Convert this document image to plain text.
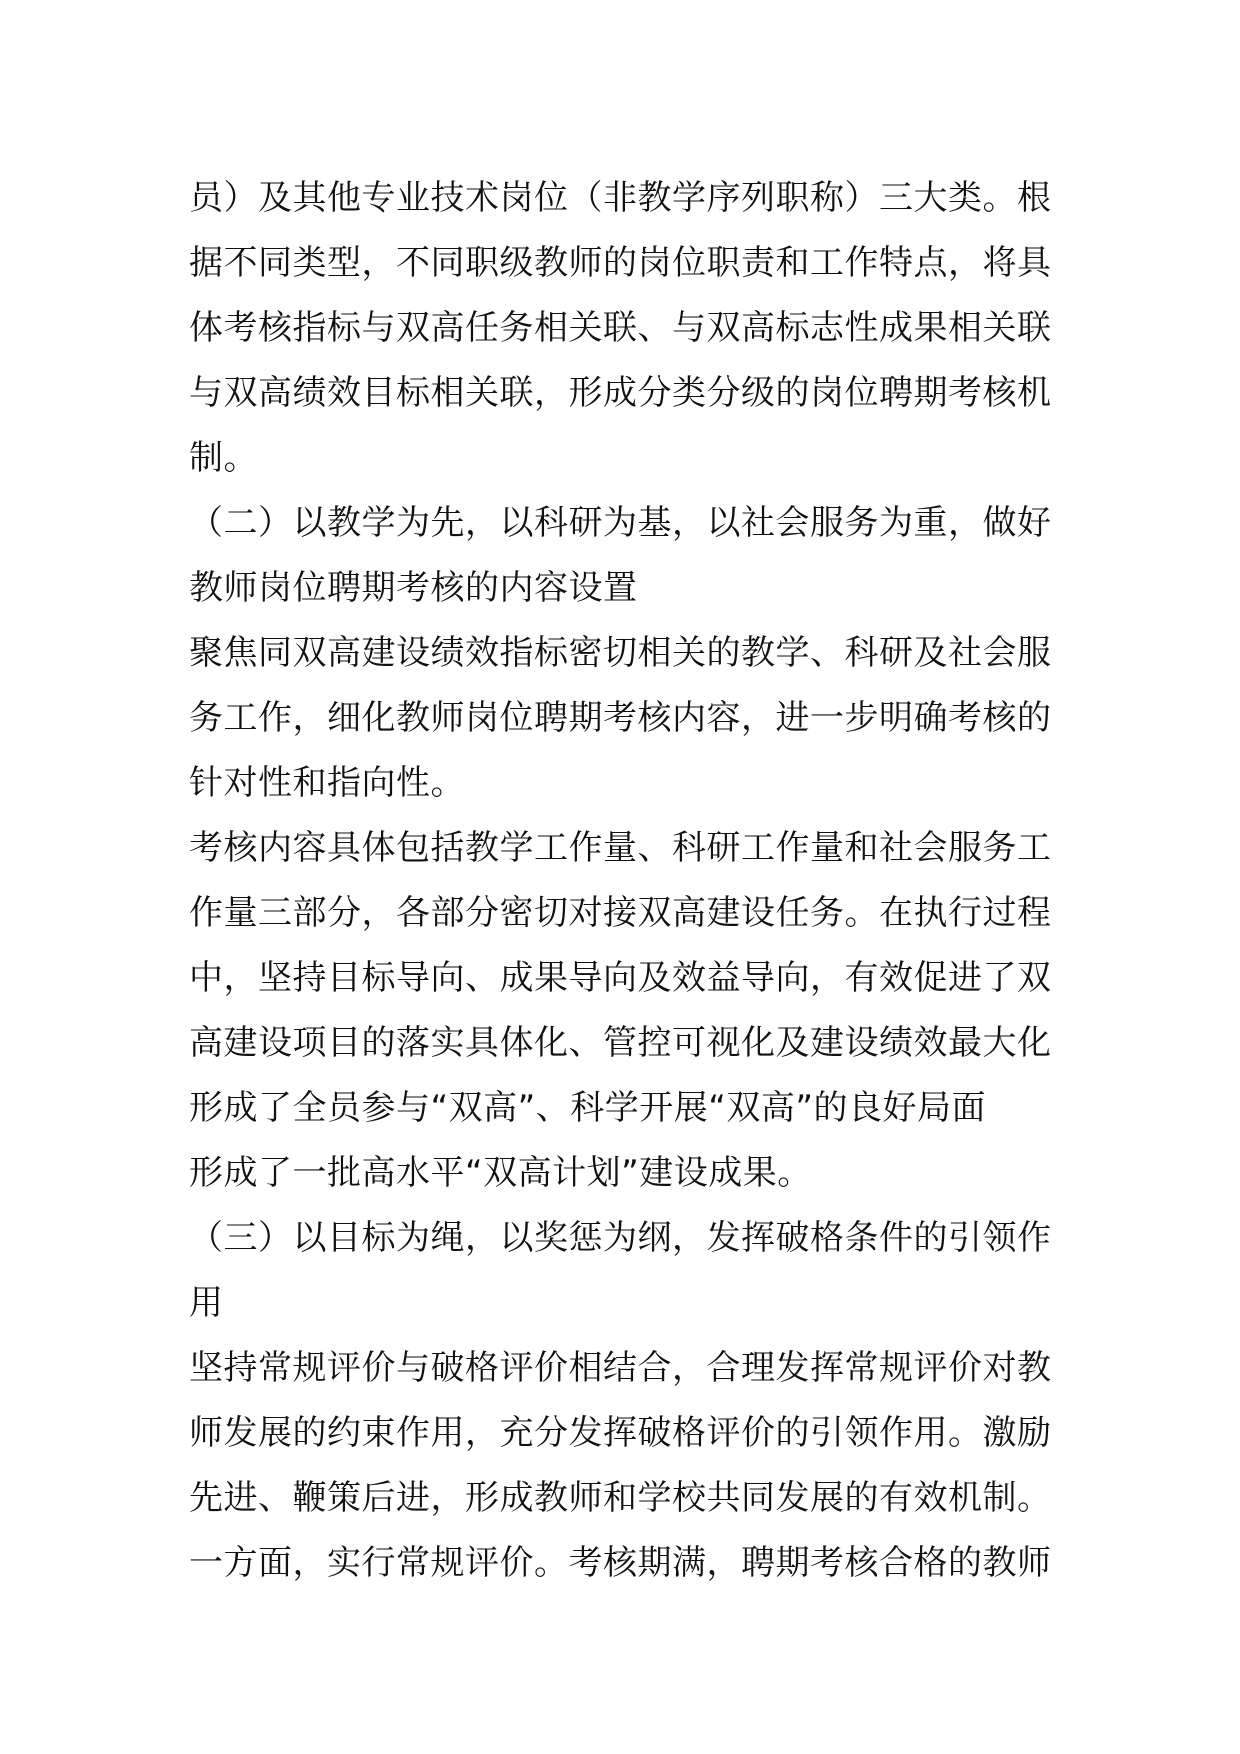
员）及其他专业技术岗位（非教学序列职称）三大类。根
据不同类型，不同职级教师的岗位职责和工作特点，将具
体考核指标与双高任务相关联、与双高标志性成果相关联
与双高绩效目标相关联，形成分类分级的岗位聘期考核机
制。
（二）以教学为先，以科研为基，以社会服务为重，做好
教师岗位聘期考核的内容设置
聚焦同双高建设绩效指标密切相关的教学、科研及社会服
务工作，细化教师岗位聘期考核内容，进一步明确考核的
针对性和指向性。
考核内容具体包括教学工作量、科研工作量和社会服务工
作量三部分，各部分密切对接双高建设任务。在执行过程
中，坚持目标导向、成果导向及效益导向，有效促进了双
高建设项目的落实具体化、管控可视化及建设绩效最大化
形成了全员参与“双高”、科学开展“双高”的良好局面
形成了一批高水平“双高计划”建设成果。
（三）以目标为绳，以奖惩为纲，发挥破格条件的引领作
用
坚持常规评价与破格评价相结合，合理发挥常规评价对教
师发展的约束作用，充分发挥破格评价的引领作用。激励
先进、鞭策后进，形成教师和学校共同发展的有效机制。
一方面，实行常规评价。考核期满，聘期考核合格的教师
